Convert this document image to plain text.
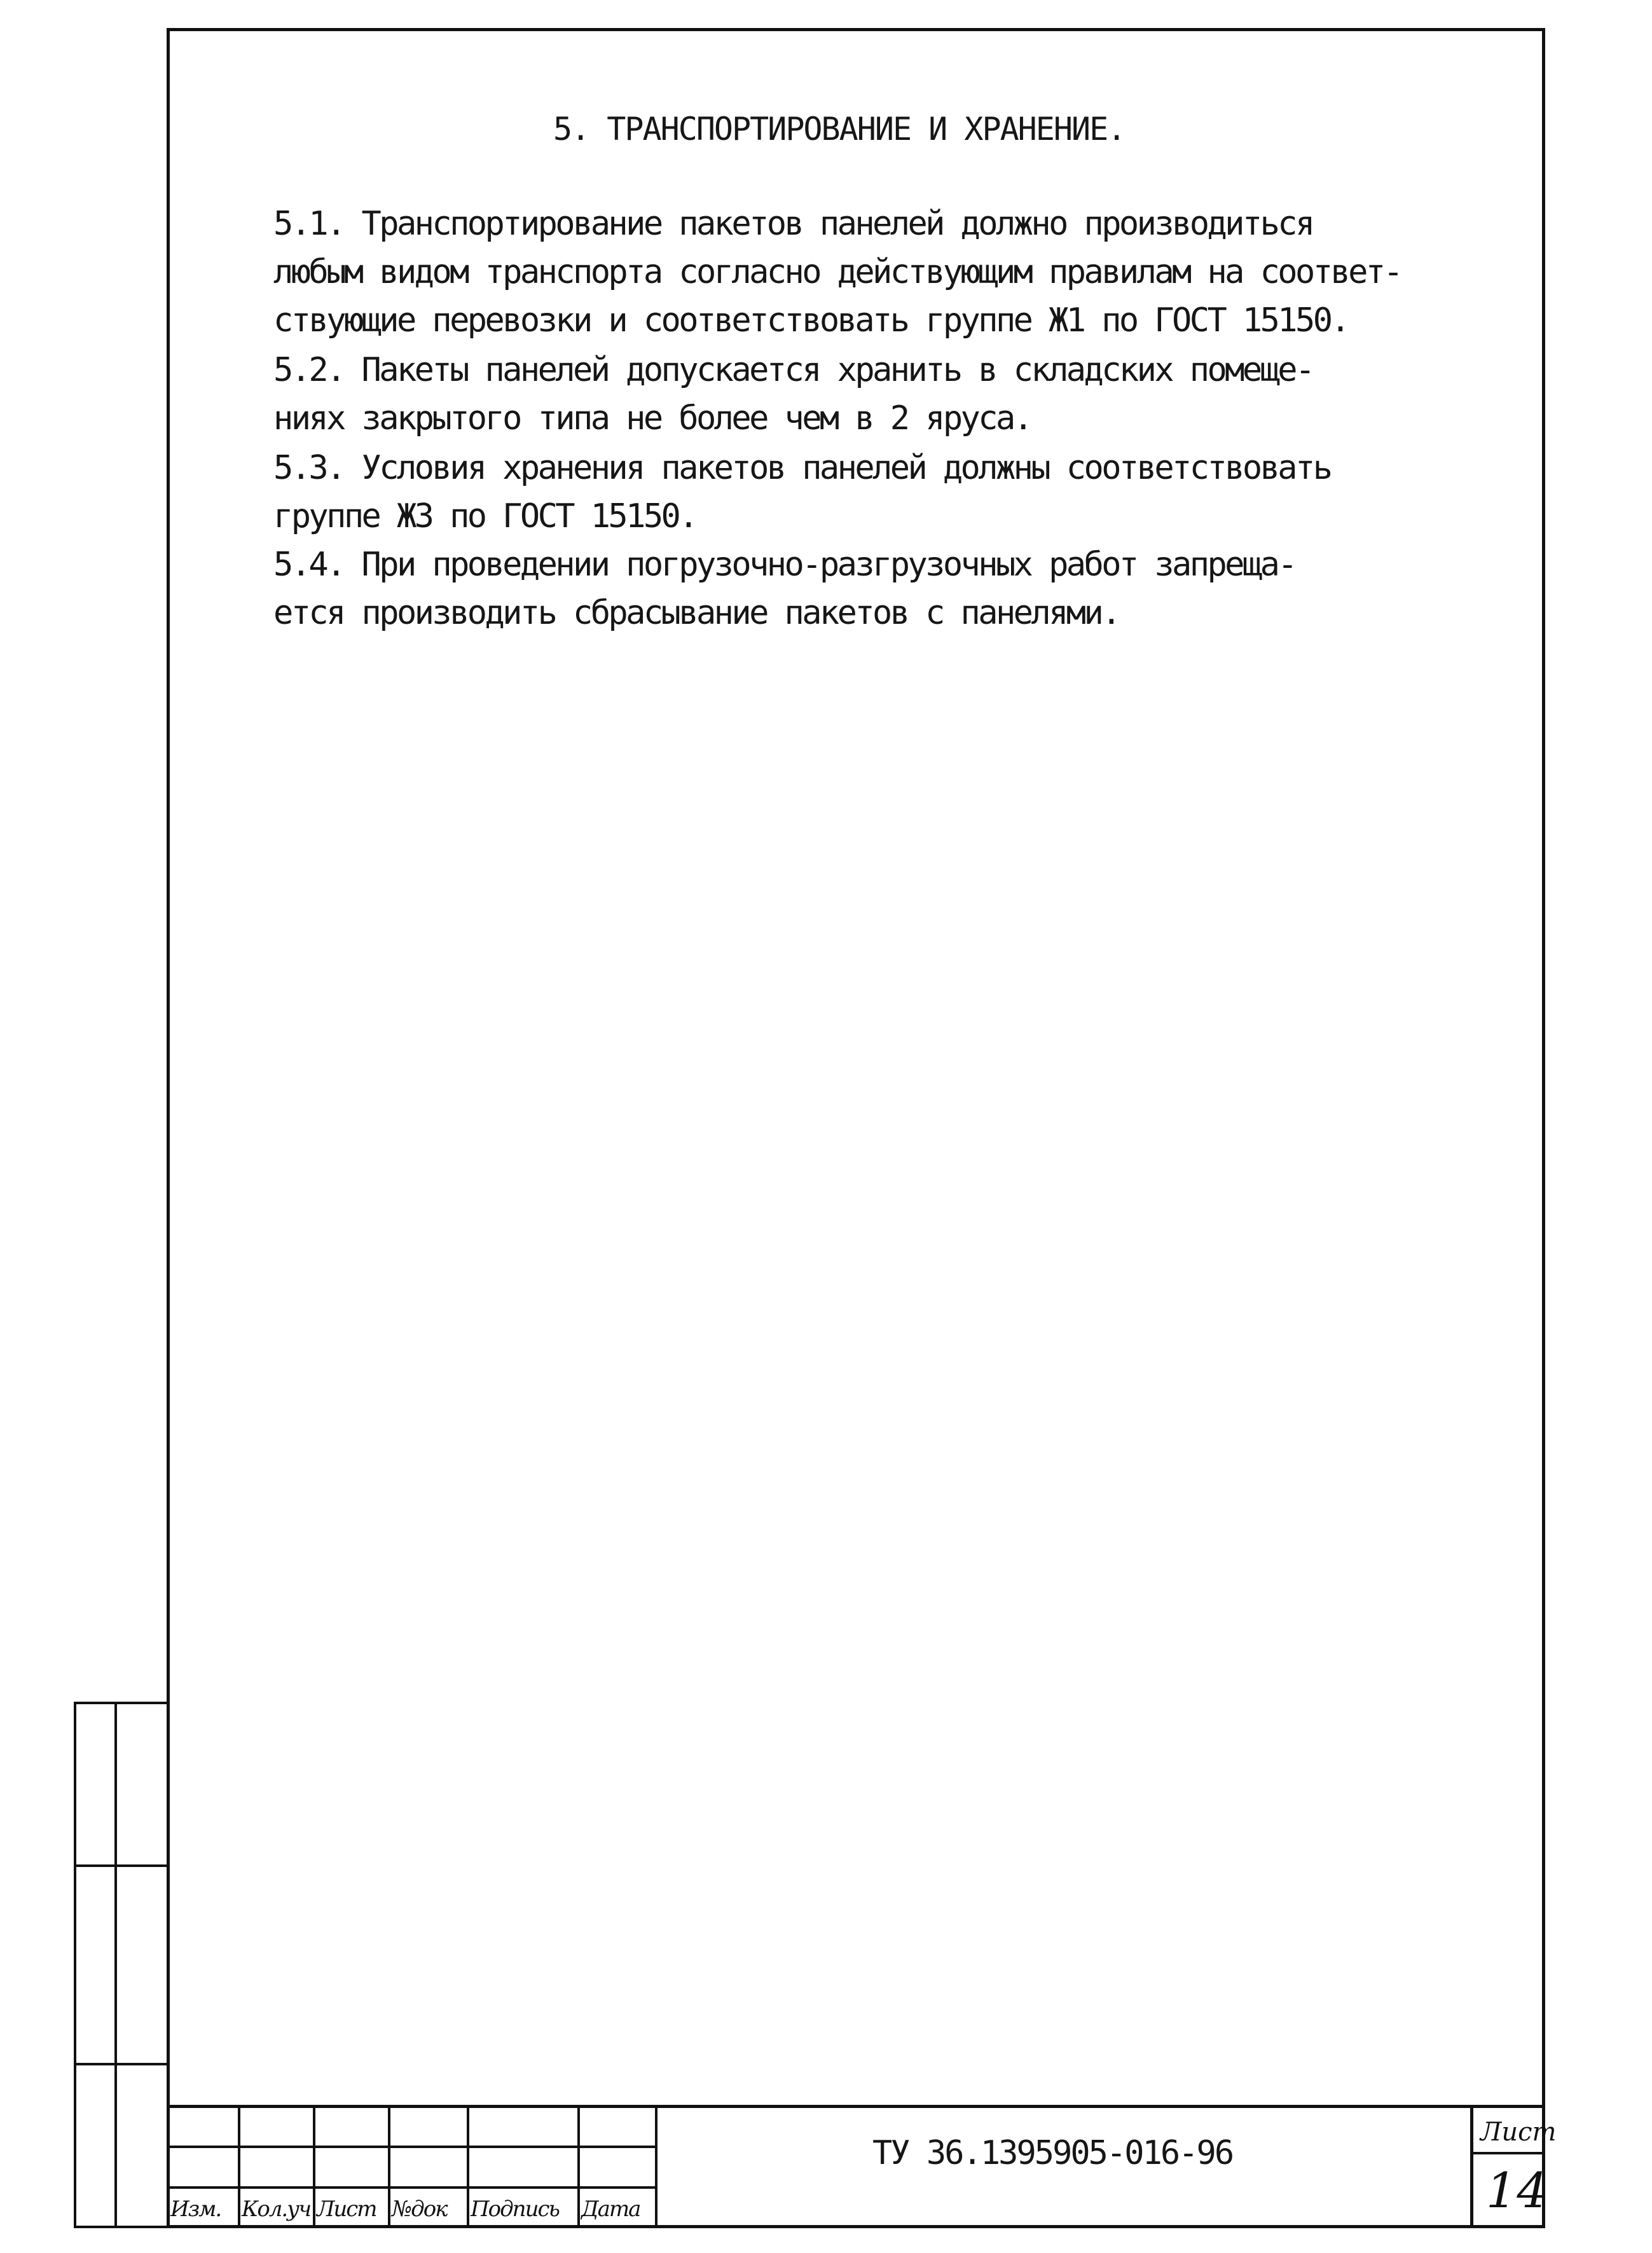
5. ТРАНСПОРТИРОВАНИЕ И ХРАНЕНИЕ.
5.1. Транспортирование пакетов панелей должно производиться
любым видом транспорта согласно действующим правилам на соответ-
ствующие перевозки и соответствовать группе Ж1 по ГОСТ 15150.
5.2. Пакеты панелей допускается хранить в складских помеще-
ниях закрытого типа не более чем в 2 яруса.
5.3. Условия хранения пакетов панелей должны соответствовать
группе Ж3 по ГОСТ 15150.
5.4. При проведении погрузочно-разгрузочных работ запреща-
ется производить сбрасывание пакетов с панелями.
Изм. Кол.уч Лист №док Подпись Дата
ТУ 36.1395905-016-96
Лист
14
